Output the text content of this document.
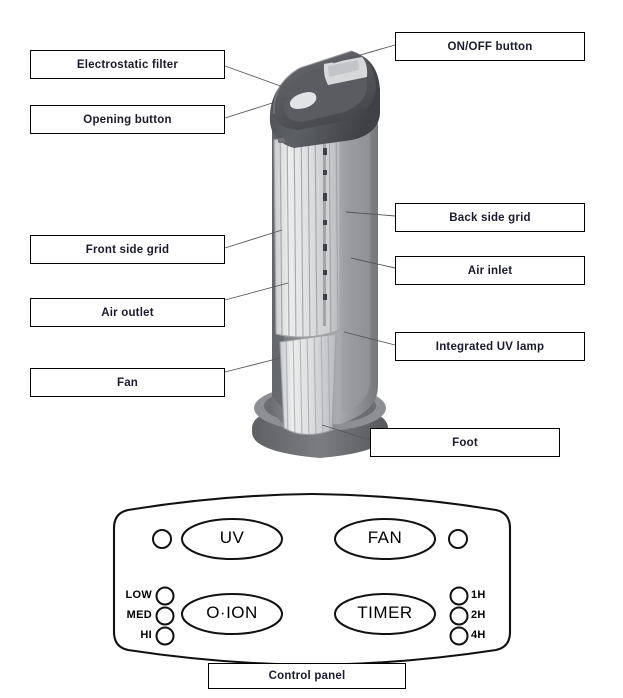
Electrostatic filter
Opening button
Front side grid
Air outlet
Fan
ON/OFF button
Back side grid
Air inlet
Integrated UV lamp
Foot
Control panel
UV	FAN
O·ION	TIMER
LOW
MED
HI
1H
2H
4H
